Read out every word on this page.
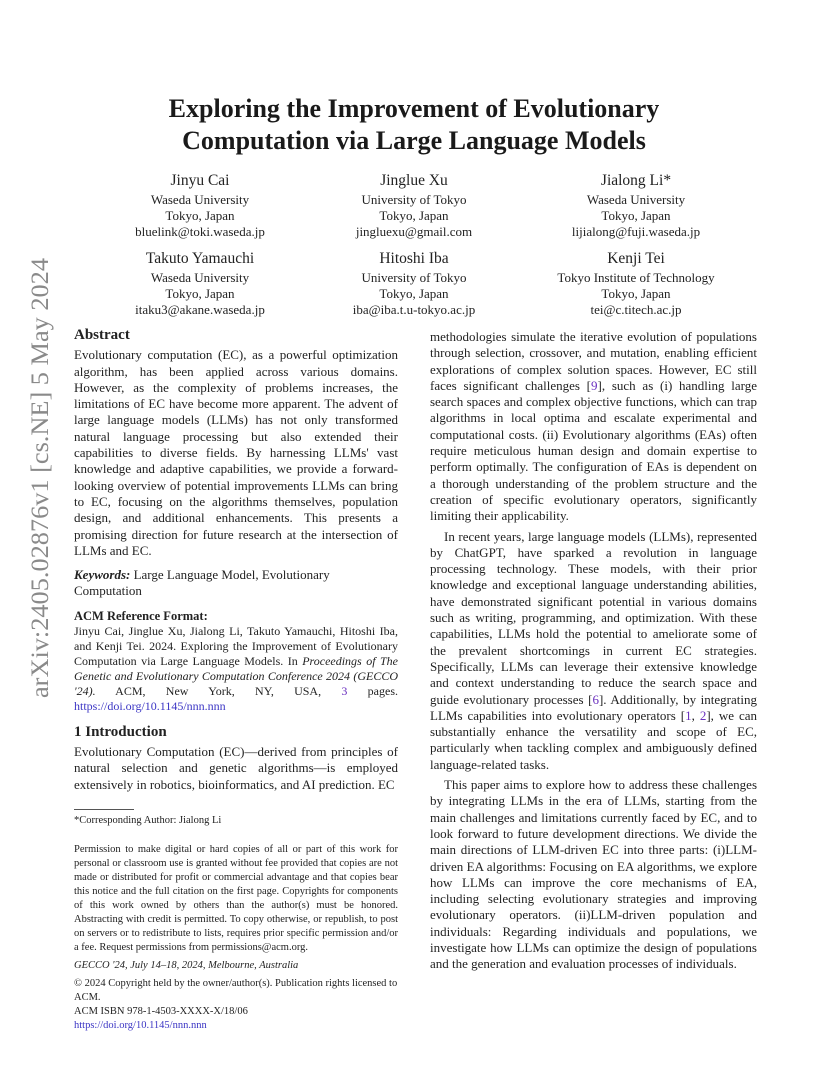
arXiv:2405.02876v1 [cs.NE] 5 May 2024
Exploring the Improvement of Evolutionary
Computation via Large Language Models
Jinyu Cai
Waseda University
Tokyo, Japan
bluelink@toki.waseda.jp
Jinglue Xu
University of Tokyo
Tokyo, Japan
jingluexu@gmail.com
Jialong Li*
Waseda University
Tokyo, Japan
lijialong@fuji.waseda.jp
Takuto Yamauchi
Waseda University
Tokyo, Japan
itaku3@akane.waseda.jp
Hitoshi Iba
University of Tokyo
Tokyo, Japan
iba@iba.t.u-tokyo.ac.jp
Kenji Tei
Tokyo Institute of Technology
Tokyo, Japan
tei@c.titech.ac.jp
Abstract

Evolutionary computation (EC), as a powerful optimization algorithm, has been applied across various domains. However, as the complexity of problems increases, the limitations of EC have become more apparent. The advent of large language models (LLMs) has not only transformed natural language processing but also extended their capabilities to diverse fields. By harnessing LLMs' vast knowledge and adaptive capabilities, we provide a forward-looking overview of potential improvements LLMs can bring to EC, focusing on the algorithms themselves, population design, and additional enhancements. This presents a promising direction for future research at the intersection of LLMs and EC.

Keywords: Large Language Model, Evolutionary Computation

ACM Reference Format:
Jinyu Cai, Jinglue Xu, Jialong Li, Takuto Yamauchi, Hitoshi Iba, and Kenji Tei. 2024. Exploring the Improvement of Evolutionary Computation via Large Language Models. In Proceedings of The Genetic and Evolutionary Computation Conference 2024 (GECCO '24). ACM, New York, NY, USA, 3 pages. https://doi.org/10.1145/nnn.nnn
1 Introduction

Evolutionary Computation (EC)—derived from principles of natural selection and genetic algorithms—is employed extensively in robotics, bioinformatics, and AI prediction. EC

*Corresponding Author: Jialong Li

Permission to make digital or hard copies of all or part of this work for personal or classroom use is granted without fee provided that copies are not made or distributed for profit or commercial advantage and that copies bear this notice and the full citation on the first page. Copyrights for components of this work owned by others than the author(s) must be honored. Abstracting with credit is permitted. To copy otherwise, or republish, to post on servers or to redistribute to lists, requires prior specific permission and/or a fee. Request permissions from permissions@acm.org.

GECCO '24, July 14–18, 2024, Melbourne, Australia

© 2024 Copyright held by the owner/author(s). Publication rights licensed to ACM.

ACM ISBN 978-1-4503-XXXX-X/18/06

https://doi.org/10.1145/nnn.nnn

methodologies simulate the iterative evolution of populations through selection, crossover, and mutation, enabling efficient explorations of complex solution spaces. However, EC still faces significant challenges [9], such as (i) handling large search spaces and complex objective functions, which can trap algorithms in local optima and escalate experimental and computational costs. (ii) Evolutionary algorithms (EAs) often require meticulous human design and domain expertise to perform optimally. The configuration of EAs is dependent on a thorough understanding of the problem structure and the creation of specific evolutionary operators, significantly limiting their applicability.

In recent years, large language models (LLMs), represented by ChatGPT, have sparked a revolution in language processing technology. These models, with their prior knowledge and exceptional language understanding abilities, have demonstrated significant potential in various domains such as writing, programming, and optimization. With these capabilities, LLMs hold the potential to ameliorate some of the prevalent shortcomings in current EC strategies. Specifically, LLMs can leverage their extensive knowledge and context understanding to reduce the search space and guide evolutionary processes [6]. Additionally, by integrating LLMs capabilities into evolutionary operators [1, 2], we can substantially enhance the versatility and scope of EC, particularly when tackling complex and ambiguously defined language-related tasks.

This paper aims to explore how to address these challenges by integrating LLMs in the era of LLMs, starting from the main challenges and limitations currently faced by EC, and to look forward to future development directions. We divide the main directions of LLM-driven EC into three parts: (i)LLM-driven EA algorithms: Focusing on EA algorithms, we explore how LLMs can improve the core mechanisms of EA, including selecting evolutionary strategies and improving evolutionary operators. (ii)LLM-driven population and individuals: Regarding individuals and populations, we investigate how LLMs can optimize the design of populations and the generation and evaluation processes of individuals.
